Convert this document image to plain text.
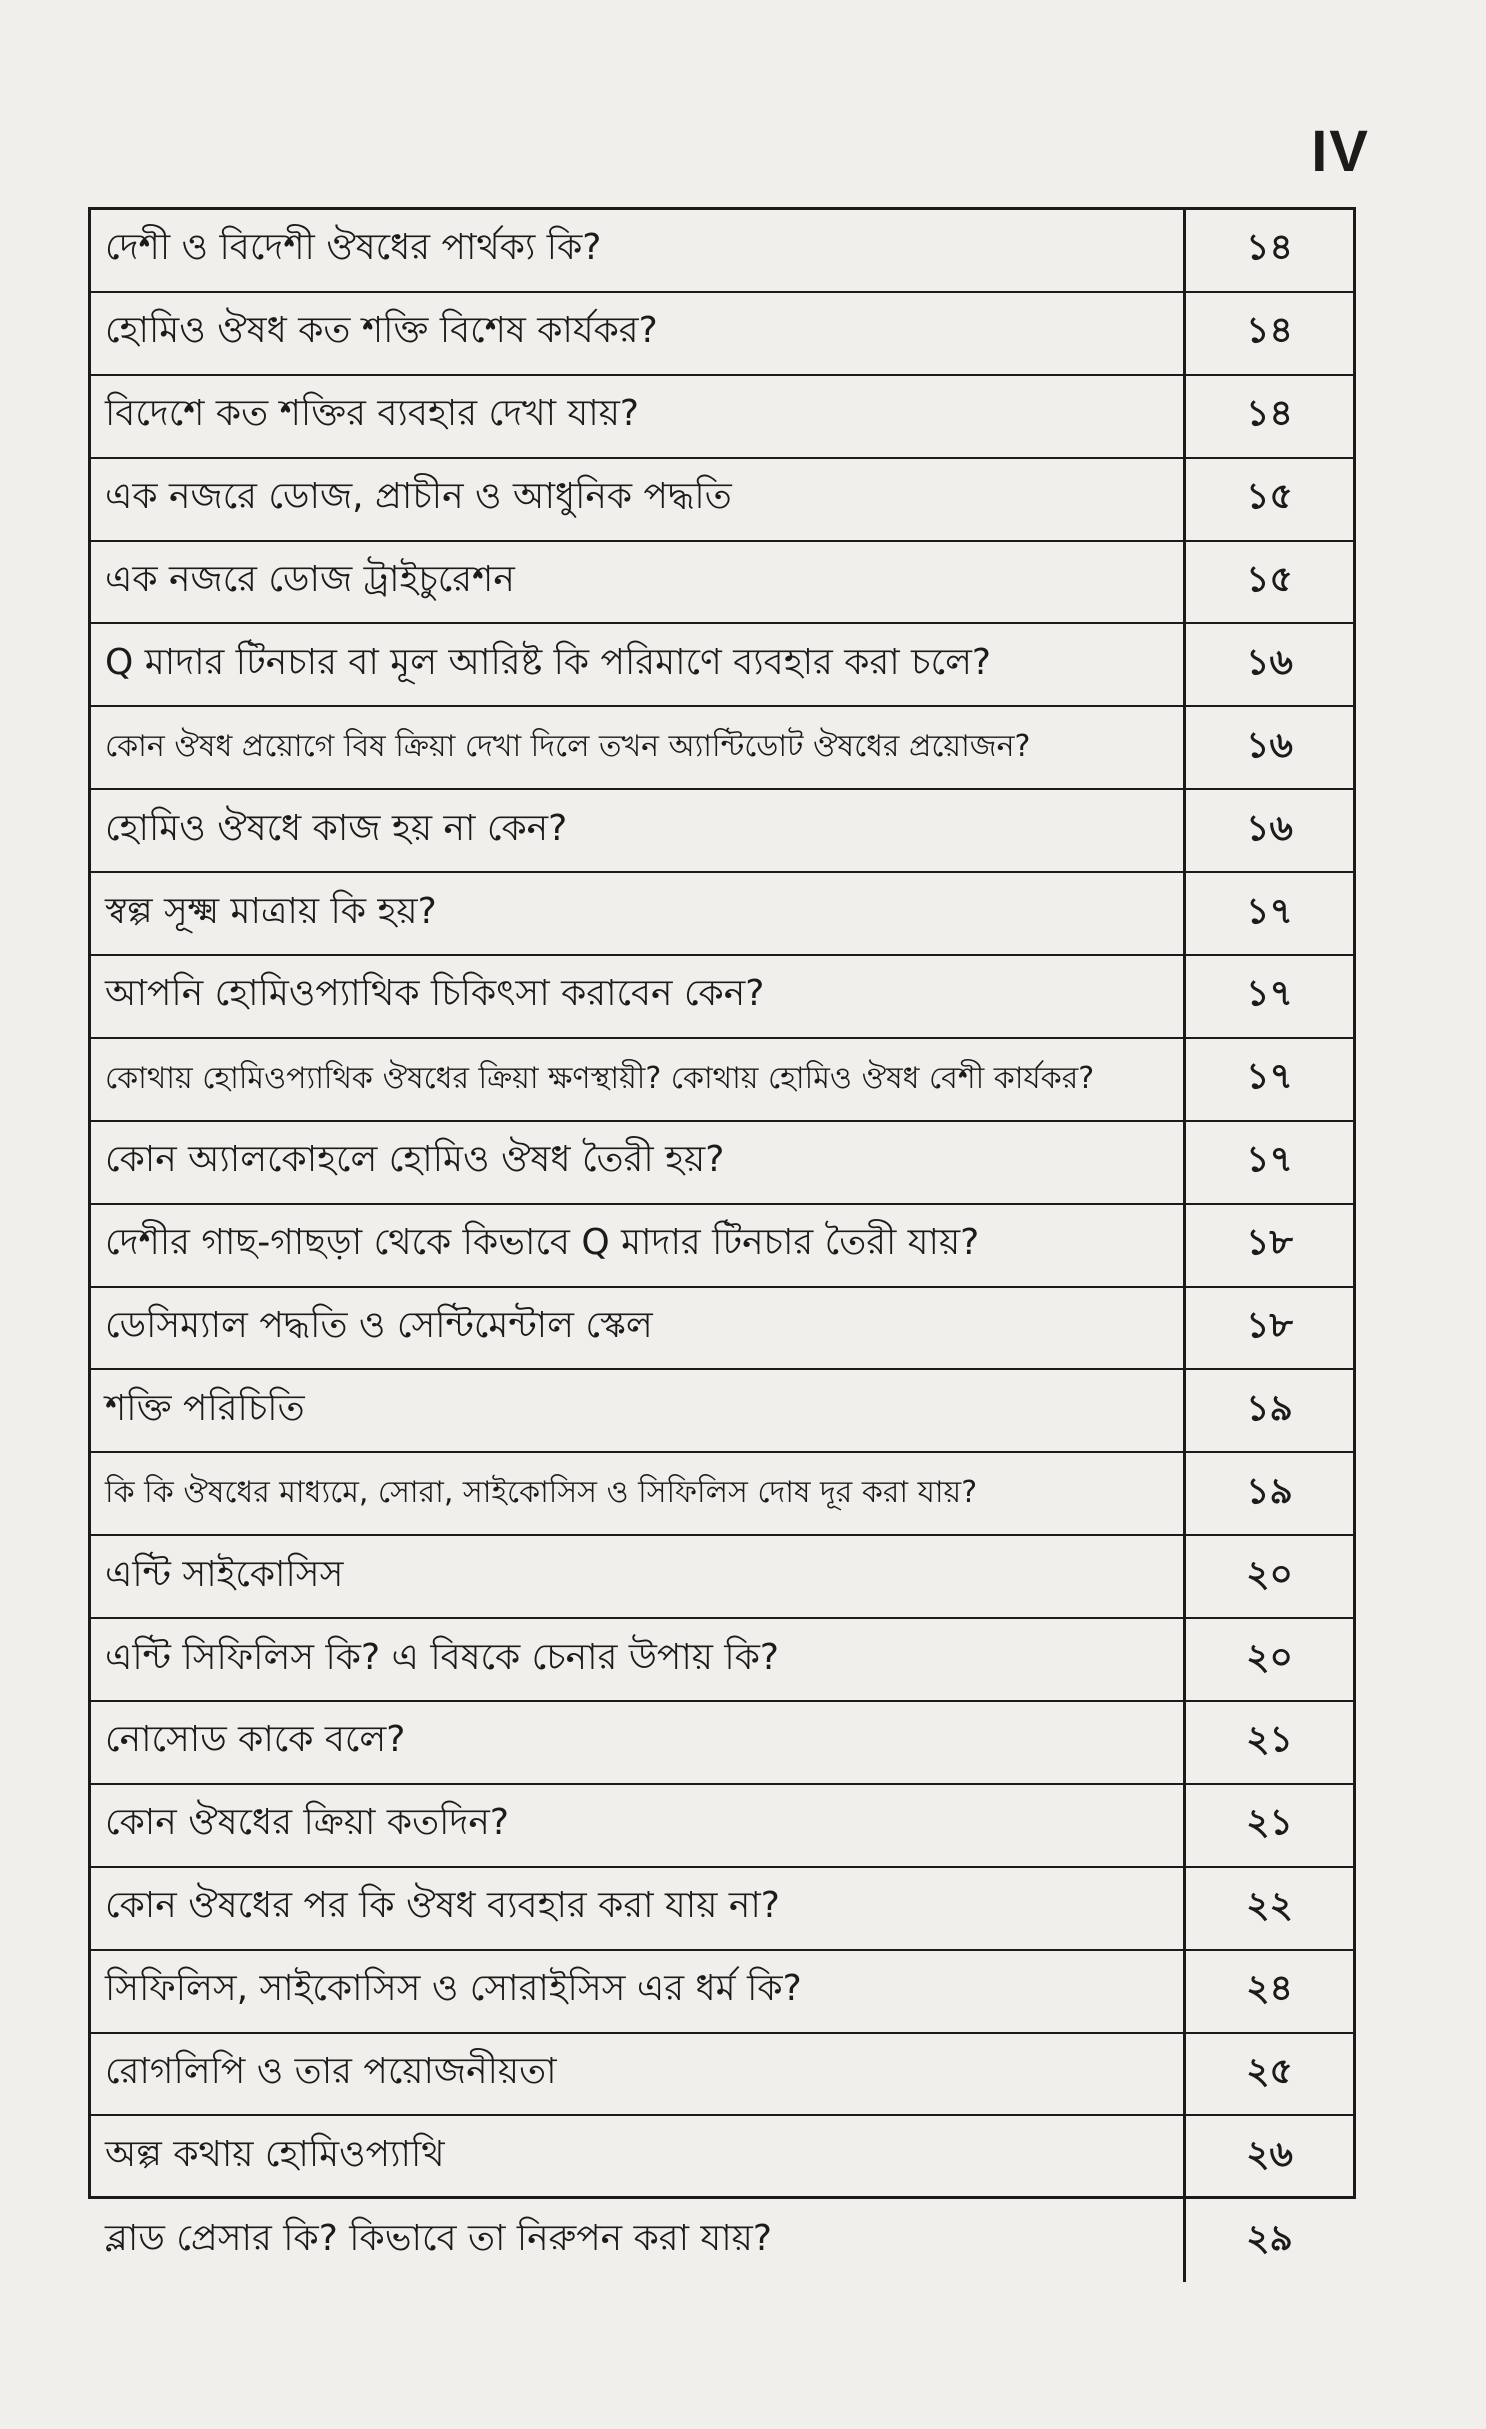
IV
দেশী ও বিদেশী ঔষধের পার্থক্য কি?	১৪
হোমিও ঔষধ কত শক্তি বিশেষ কার্যকর?	১৪
বিদেশে কত শক্তির ব্যবহার দেখা যায়?	১৪
এক নজরে ডোজ, প্রাচীন ও আধুনিক পদ্ধতি	১৫
এক নজরে ডোজ ট্রাইচুরেশন	১৫
Q মাদার টিনচার বা মূল আরিষ্ট কি পরিমাণে ব্যবহার করা চলে?	১৬
কোন ঔষধ প্রয়োগে বিষ ক্রিয়া দেখা দিলে তখন অ্যান্টিডোট ঔষধের প্রয়োজন?	১৬
হোমিও ঔষধে কাজ হয় না কেন?	১৬
স্বল্প সূক্ষ্ম মাত্রায় কি হয়?	১৭
আপনি হোমিওপ্যাথিক চিকিৎসা করাবেন কেন?	১৭
কোথায় হোমিওপ্যাথিক ঔষধের ক্রিয়া ক্ষণস্থায়ী? কোথায় হোমিও ঔষধ বেশী কার্যকর?	১৭
কোন অ্যালকোহলে হোমিও ঔষধ তৈরী হয়?	১৭
দেশীর গাছ-গাছড়া থেকে কিভাবে Q মাদার টিনচার তৈরী যায়?	১৮
ডেসিম্যাল পদ্ধতি ও সেন্টিমেন্টাল স্কেল	১৮
শক্তি পরিচিতি	১৯
কি কি ঔষধের মাধ্যমে, সোরা, সাইকোসিস ও সিফিলিস দোষ দূর করা যায়?	১৯
এন্টি সাইকোসিস	২০
এন্টি সিফিলিস কি? এ বিষকে চেনার উপায় কি?	২০
নোসোড কাকে বলে?	২১
কোন ঔষধের ক্রিয়া কতদিন?	২১
কোন ঔষধের পর কি ঔষধ ব্যবহার করা যায় না?	২২
সিফিলিস, সাইকোসিস ও সোরাইসিস এর ধর্ম কি?	২৪
রোগলিপি ও তার পয়োজনীয়তা	২৫
অল্প কথায় হোমিওপ্যাথি	২৬
ব্লাড প্রেসার কি? কিভাবে তা নিরুপন করা যায়?	২৯
